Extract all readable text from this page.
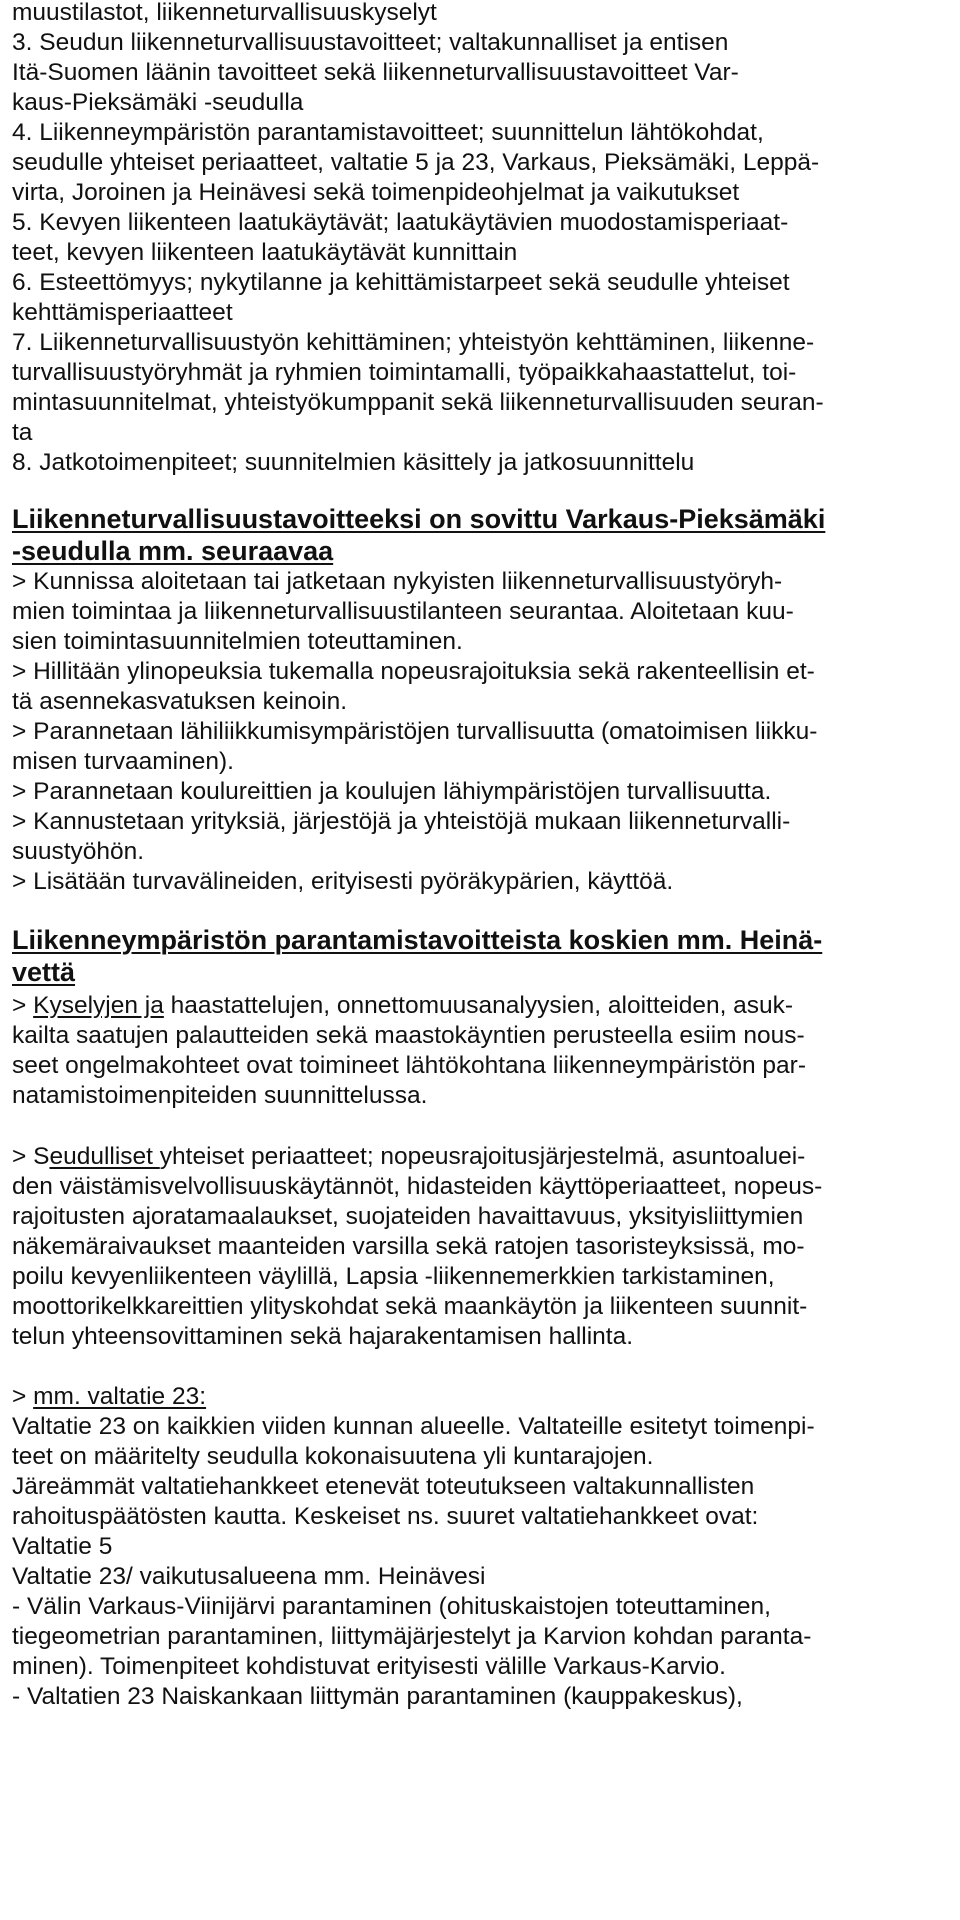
muustilastot, liikenneturvallisuuskyselyt
3. Seudun liikenneturvallisuustavoitteet; valtakunnalliset ja entisen
Itä-Suomen läänin tavoitteet sekä liikenneturvallisuustavoitteet Var-
kaus-Pieksämäki -seudulla
4. Liikenneympäristön parantamistavoitteet; suunnittelun lähtökohdat,
seudulle yhteiset periaatteet, valtatie 5 ja 23, Varkaus, Pieksämäki, Leppä-
virta, Joroinen ja Heinävesi sekä toimenpideohjelmat ja vaikutukset
5. Kevyen liikenteen laatukäytävät; laatukäytävien muodostamisperiaat-
teet, kevyen liikenteen laatukäytävät kunnittain
6. Esteettömyys; nykytilanne ja kehittämistarpeet sekä seudulle yhteiset
kehttämisperiaatteet
7. Liikenneturvallisuustyön kehittäminen; yhteistyön kehttäminen, liikenne-
turvallisuustyöryhmät ja ryhmien toimintamalli, työpaikkahaastattelut, toi-
mintasuunnitelmat, yhteistyökumppanit sekä liikenneturvallisuuden seuran-
ta
8. Jatkotoimenpiteet; suunnitelmien käsittely ja jatkosuunnittelu
Liikenneturvallisuustavoitteeksi on sovittu Varkaus-Pieksämäki
-seudulla mm. seuraavaa
> Kunnissa aloitetaan tai jatketaan nykyisten liikenneturvallisuustyöryh-
mien toimintaa ja liikenneturvallisuustilanteen seurantaa. Aloitetaan kuu-
sien toimintasuunnitelmien toteuttaminen.
> Hillitään ylinopeuksia tukemalla nopeusrajoituksia sekä rakenteellisin et-
tä asennekasvatuksen keinoin.
> Parannetaan lähiliikkumisympäristöjen turvallisuutta (omatoimisen liikku-
misen turvaaminen).
> Parannetaan koulureittien ja koulujen lähiympäristöjen turvallisuutta.
> Kannustetaan yrityksiä, järjestöjä ja yhteistöjä mukaan liikenneturvalli-
suustyöhön.
> Lisätään turvavälineiden, erityisesti pyöräkypärien, käyttöä.
Liikenneympäristön parantamistavoitteista koskien mm. Heinä-
vettä
> Kyselyjen ja haastattelujen, onnettomuusanalyysien, aloitteiden, asuk-
kailta saatujen palautteiden sekä maastokäyntien perusteella esiim nous-
seet ongelmakohteet ovat toimineet lähtökohtana liikenneympäristön par-
natamistoimenpiteiden suunnittelussa.
> Seudulliset yhteiset periaatteet; nopeusrajoitusjärjestelmä, asuntoaluei-
den väistämisvelvollisuuskäytännöt, hidasteiden käyttöperiaatteet, nopeus-
rajoitusten ajoratamaalaukset, suojateiden havaittavuus, yksityisliittymien
näkemäraivaukset maanteiden varsilla sekä ratojen tasoristeyksissä, mo-
poilu kevyenliikenteen väylillä, Lapsia -liikennemerkkien tarkistaminen,
moottorikelkkareittien ylityskohdat sekä maankäytön ja liikenteen suunnit-
telun yhteensovittaminen sekä hajarakentamisen hallinta.
> mm. valtatie 23:
Valtatie 23 on kaikkien viiden kunnan alueelle. Valtateille esitetyt toimenpi-
teet on määritelty seudulla kokonaisuutena yli kuntarajojen.
Järeämmät valtatiehankkeet etenevät toteutukseen valtakunnallisten
rahoituspäätösten kautta. Keskeiset ns. suuret valtatiehankkeet ovat:
Valtatie 5
Valtatie 23/ vaikutusalueena mm. Heinävesi
- Välin Varkaus-Viinijärvi parantaminen (ohituskaistojen toteuttaminen,
tiegeometrian parantaminen, liittymäjärjestelyt ja Karvion kohdan paranta-
minen). Toimenpiteet kohdistuvat erityisesti välille Varkaus-Karvio.
- Valtatien 23 Naiskankaan liittymän parantaminen (kauppakeskus),
